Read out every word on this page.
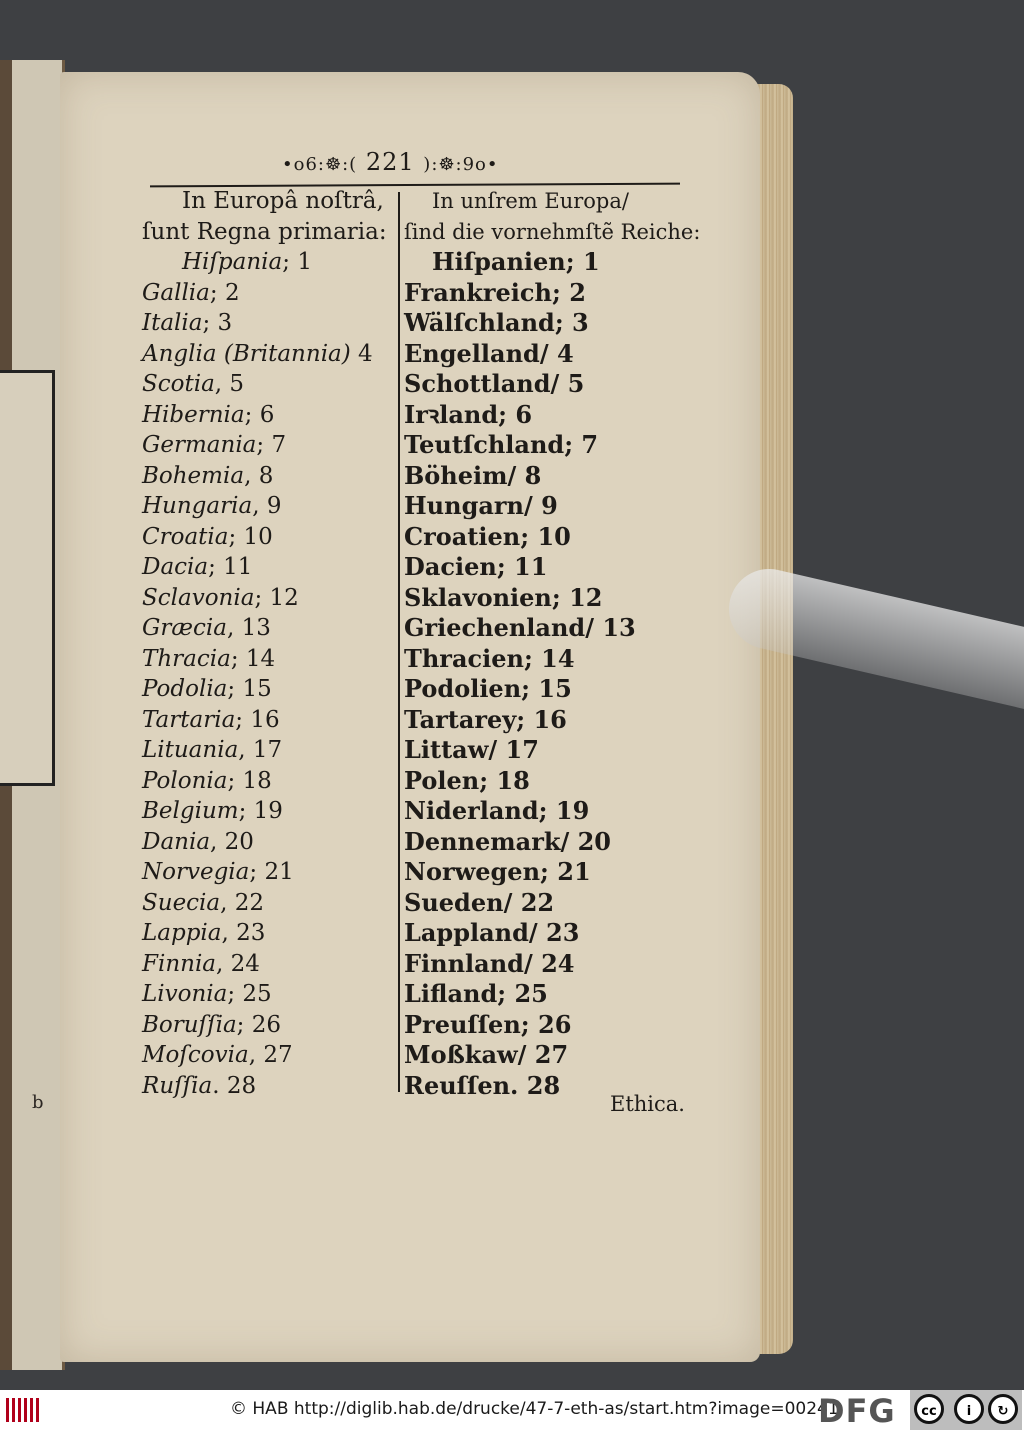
b
•o6:☸:( 221 ):☸:9o•
In Europâ noſtrâ,
ſunt Regna primaria:
Hiſpania; 1
Gallia; 2
Italia; 3
Anglia (Britannia) 4
Scotia, 5
Hibernia; 6
Germania; 7
Bohemia, 8
Hungaria, 9
Croatia; 10
Dacia; 11
Sclavonia; 12
Græcia, 13
Thracia; 14
Podolia; 15
Tartaria; 16
Lituania, 17
Polonia; 18
Belgium; 19
Dania, 20
Norvegia; 21
Suecia, 22
Lappia, 23
Finnia, 24
Livonia; 25
Boruſſia; 26
Moſcovia, 27
Ruſſia. 28
In unſrem Europa/
ſind die vornehmſtẽ Reiche:
Hiſpanien; 1
Frankreich; 2
Wälſchland; 3
Engelland/ 4
Schottland/ 5
Irꝛland; 6
Teutſchland; 7
Böheim/ 8
Hungarn/ 9
Croatien; 10
Dacien; 11
Sklavonien; 12
Griechenland/ 13
Thracien; 14
Podolien; 15
Tartarey; 16
Littaw/ 17
Polen; 18
Niderland; 19
Dennemark/ 20
Norwegen; 21
Sueden/ 22
Lappland/ 23
Finnland/ 24
Lifland; 25
Preuſſen; 26
Moßkaw/ 27
Reuſſen. 28
Ethica.
© HAB http://diglib.hab.de/drucke/47-7-eth-as/start.htm?image=00241
DFG	cc	i	↻
